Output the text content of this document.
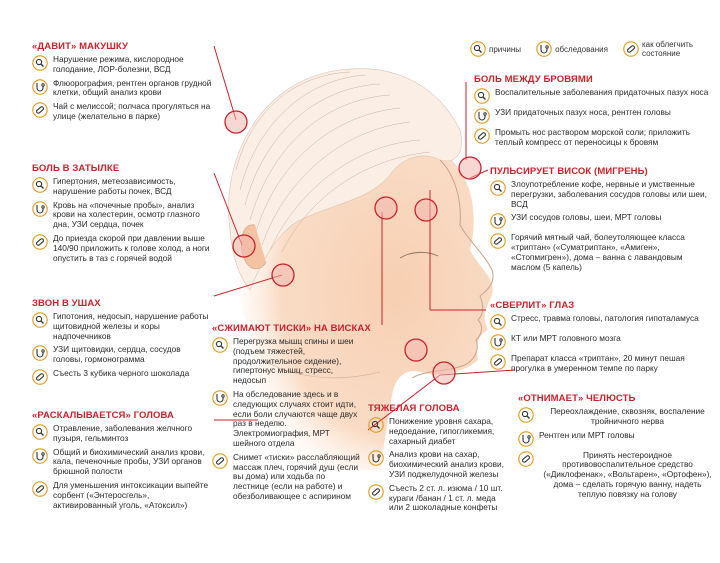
причины	обследования	как облегчить состояние
«ДАВИТ» МАКУШКУ
Нарушение режима, кислородное голодание, ЛОР-болезни, ВСД
Флюорография, рентген органов грудной клетки, общий анализ крови
Чай с мелиссой; полчаса прогуляться на улице (желательно в парке)
БОЛЬ В ЗАТЫЛКЕ
Гипертония, метеозависимость, нарушение работы почек, ВСД
Кровь на «почечные пробы», анализ крови на холестерин, осмотр глазного дна, УЗИ сердца, почек
До приезда скорой при давлении выше 140/90 приложить к голове холод, а ноги опустить в таз с горячей водой
ЗВОН В УШАХ
Гипотония, недосып, нарушение работы щитовидной железы и коры надпочечников
УЗИ щитовидки, сердца, сосудов головы, гормонограмма
Съесть 3 кубика черного шоколада
«РАСКАЛЫВАЕТСЯ» ГОЛОВА
Отравление, заболевания желчного пузыря, гельминтоз
Общий и биохимический анализ крови, кала, печеночные пробы, УЗИ органов брюшной полости
Для уменьшения интоксикации выпейте сорбент («Энтеросгель», активированный уголь, «Атоксил»)
БОЛЬ МЕЖДУ БРОВЯМИ
Воспалительные заболевания придаточных пазух носа
УЗИ придаточных пазух носа, рентген головы
Промыть нос раствором морской соли; приложить теплый компресс от переносицы к бровям
ПУЛЬСИРУЕТ ВИСОК (МИГРЕНЬ)
Злоупотребление кофе, нервные и умственные перегрузки, заболевания сосудов головы или шеи, ВСД
УЗИ сосудов головы, шеи, МРТ головы
Горячий мятный чай, болеутоляющее класса «триптан» («Суматриптан», «Амиген», «Стопмигрен»), дома – ванна с лавандовым маслом (5 капель)
«СВЕРЛИТ» ГЛАЗ
Стресс, травма головы, патология гипоталамуса
КТ или МРТ головного мозга
Препарат класса «триптан», 20 минут пешая прогулка в умеренном темпе по парку
«ОТНИМАЕТ» ЧЕЛЮСТЬ
Переохлаждение, сквозняк, воспаление тройничного нерва
Рентген или МРТ головы
Принять нестероидное противовоспалительное средство («Диклофенак», «Вольтарен», «Ортофен»), дома – сделать горячую ванну, надеть теплую повязку на голову
«СЖИМАЮТ ТИСКИ» НА ВИСКАХ
Перегрузка мышц спины и шеи (подъем тяжестей, продолжительное сидение), гипертонус мышц, стресс, недосып
На обследование здесь и в следующих случаях стоит идти, если боли случаются чаще двух раз в неделю. Электромиография, МРТ шейного отдела
Снимет «тиски» расслабляющий массаж плеч, горячий душ (если вы дома) или ходьба по лестнице (если на работе) и обезболивающее с аспирином
ТЯЖЕЛАЯ ГОЛОВА
Понижение уровня сахара, недоедание, гипогликемия, сахарный диабет
Анализ крови на сахар, биохимический анализ крови, УЗИ поджелудочной железы
Съесть 2 ст. л. изюма / 10 шт. кураги /банан / 1 ст. л. меда или 2 шоколадные конфеты
